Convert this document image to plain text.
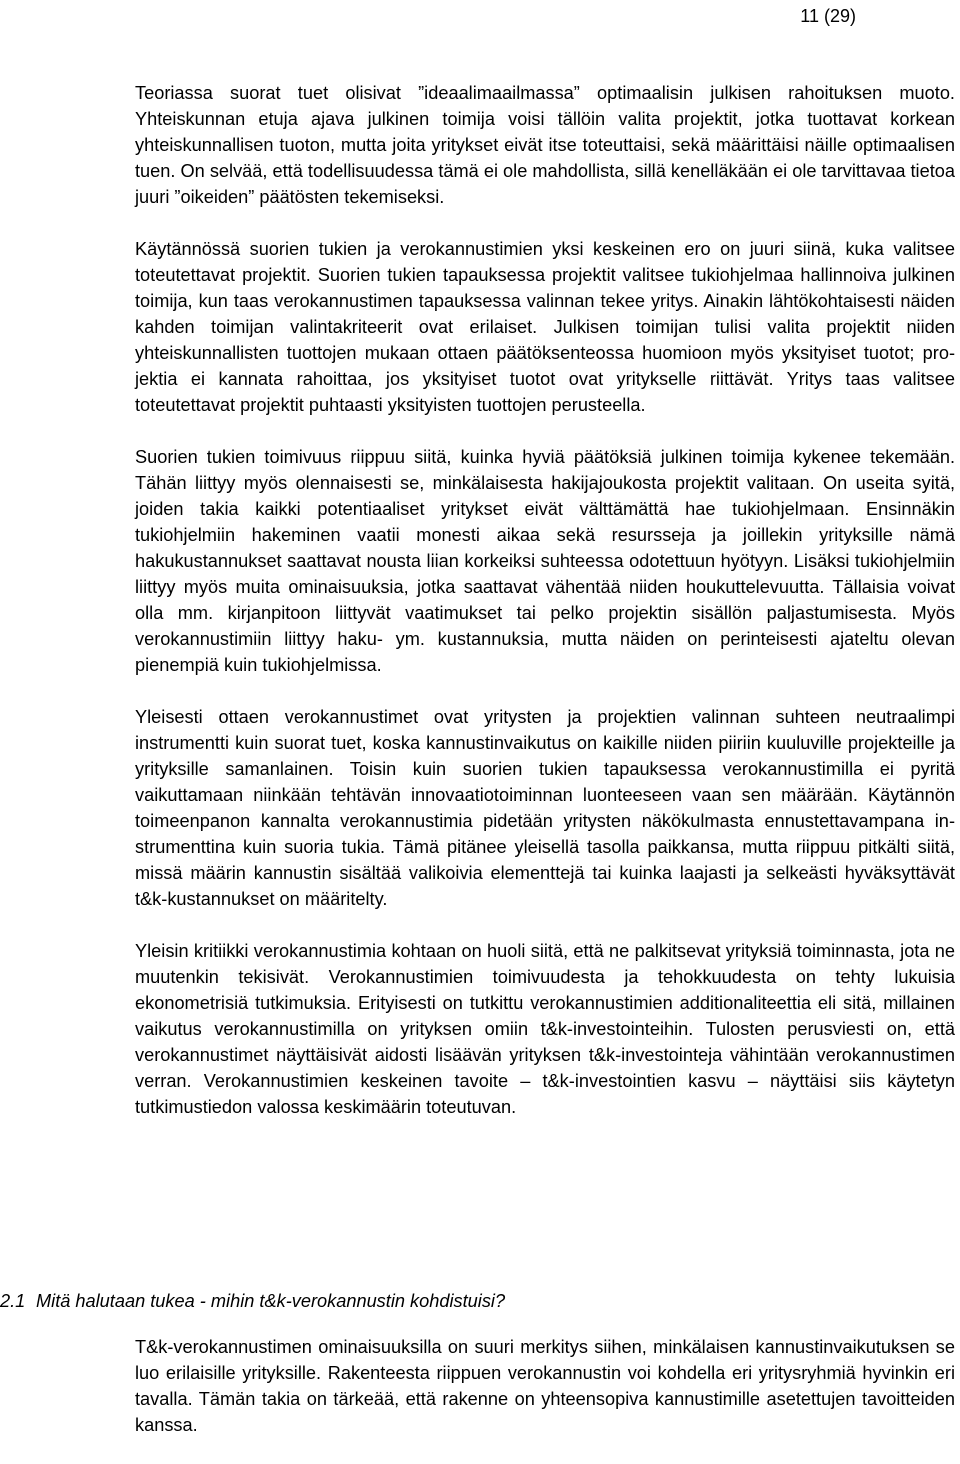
11 (29)

Teoriassa suorat tuet olisivat ”ideaalimaailmassa” optimaalisin julkisen rahoituksen muoto. Yhteiskunnan etuja ajava julkinen toimija voisi tällöin valita projektit, jotka tuottavat korkean yhteiskunnallisen tuoton, mutta joita yritykset eivät itse toteuttaisi, sekä määrittäisi näille optimaalisen tuen. On selvää, että todellisuudessa tämä ei ole mahdollista, sillä kenelläkään ei ole tarvittavaa tietoa juuri ”oikeiden” päätösten tekemiseksi.

Käytännössä suorien tukien ja verokannustimien yksi keskeinen ero on juuri siinä, kuka valitsee toteutettavat projektit. Suorien tukien tapauksessa projektit valitsee tukiohjelmaa hallinnoiva julkinen toimija, kun taas verokannustimen tapauksessa valinnan tekee yritys. Ainakin lähtökohtaisesti näiden kahden toimijan valintakriteerit ovat erilaiset. Julkisen toimijan tulisi valita projektit niiden yhteiskunnallisten tuottojen mukaan ottaen päätöksenteossa huomioon myös yksityiset tuotot; projektia ei kannata rahoittaa, jos yksityiset tuotot ovat yritykselle riittävät. Yritys taas valitsee toteutettavat projektit puhtaasti yksityisten tuottojen perusteella.

Suorien tukien toimivuus riippuu siitä, kuinka hyviä päätöksiä julkinen toimija kykenee tekemään. Tähän liittyy myös olennaisesti se, minkälaisesta hakijajoukosta projektit valitaan. On useita syitä, joiden takia kaikki potentiaaliset yritykset eivät välttämättä hae tukiohjelmaan. Ensinnäkin tukiohjelmiin hakeminen vaatii monesti aikaa sekä resursseja ja joillekin yrityksille nämä hakukustannukset saattavat nousta liian korkeiksi suhteessa odotettuun hyötyyn. Lisäksi tukiohjelmiin liittyy myös muita ominaisuuksia, jotka saattavat vähentää niiden houkuttelevuutta. Tällaisia voivat olla mm. kirjanpitoon liittyvät vaatimukset tai pelko projektin sisällön paljastumisesta. Myös verokannustimiin liittyy haku- ym. kustannuksia, mutta näiden on perinteisesti ajateltu olevan pienempiä kuin tukiohjelmissa.

Yleisesti ottaen verokannustimet ovat yritysten ja projektien valinnan suhteen neutraalimpi instrumentti kuin suorat tuet, koska kannustinvaikutus on kaikille niiden piiriin kuuluville projekteille ja yrityksille samanlainen. Toisin kuin suorien tukien tapauksessa verokannustimilla ei pyritä vaikuttamaan niinkään tehtävän innovaatiotoiminnan luonteeseen vaan sen määrään. Käytännön toimeenpanon kannalta verokannustimia pidetään yritysten näkökulmasta ennustettavampana instrumenttina kuin suoria tukia. Tämä pitänee yleisellä tasolla paikkansa, mutta riippuu pitkälti siitä, missä määrin kannustin sisältää valikoivia elementtejä tai kuinka laajasti ja selkeästi hyväksyttävät t&k-kustannukset on määritelty.

Yleisin kritiikki verokannustimia kohtaan on huoli siitä, että ne palkitsevat yrityksiä toiminnasta, jota ne muutenkin tekisivät. Verokannustimien toimivuudesta ja tehokkuudesta on tehty lukuisia ekonometrisiä tutkimuksia. Erityisesti on tutkittu verokannustimien additionaliteettia eli sitä, millainen vaikutus verokannustimilla on yrityksen omiin t&k-investointeihin. Tulosten perusviesti on, että verokannustimet näyttäisivät aidosti lisäävän yrityksen t&k-investointeja vähintään verokannustimen verran. Verokannustimien keskeinen tavoite – t&k-investointien kasvu – näyttäisi siis käytetyn tutkimustiedon valossa keskimäärin toteutuvan.

2.1 Mitä halutaan tukea - mihin t&k-verokannustin kohdistuisi?

T&k-verokannustimen ominaisuuksilla on suuri merkitys siihen, minkälaisen kannustinvaikutuksen se luo erilaisille yrityksille. Rakenteesta riippuen verokannustin voi kohdella eri yritysryhmiä hyvinkin eri tavalla. Tämän takia on tärkeää, että rakenne on yhteensopiva kannustimille asetettujen tavoitteiden kanssa.
